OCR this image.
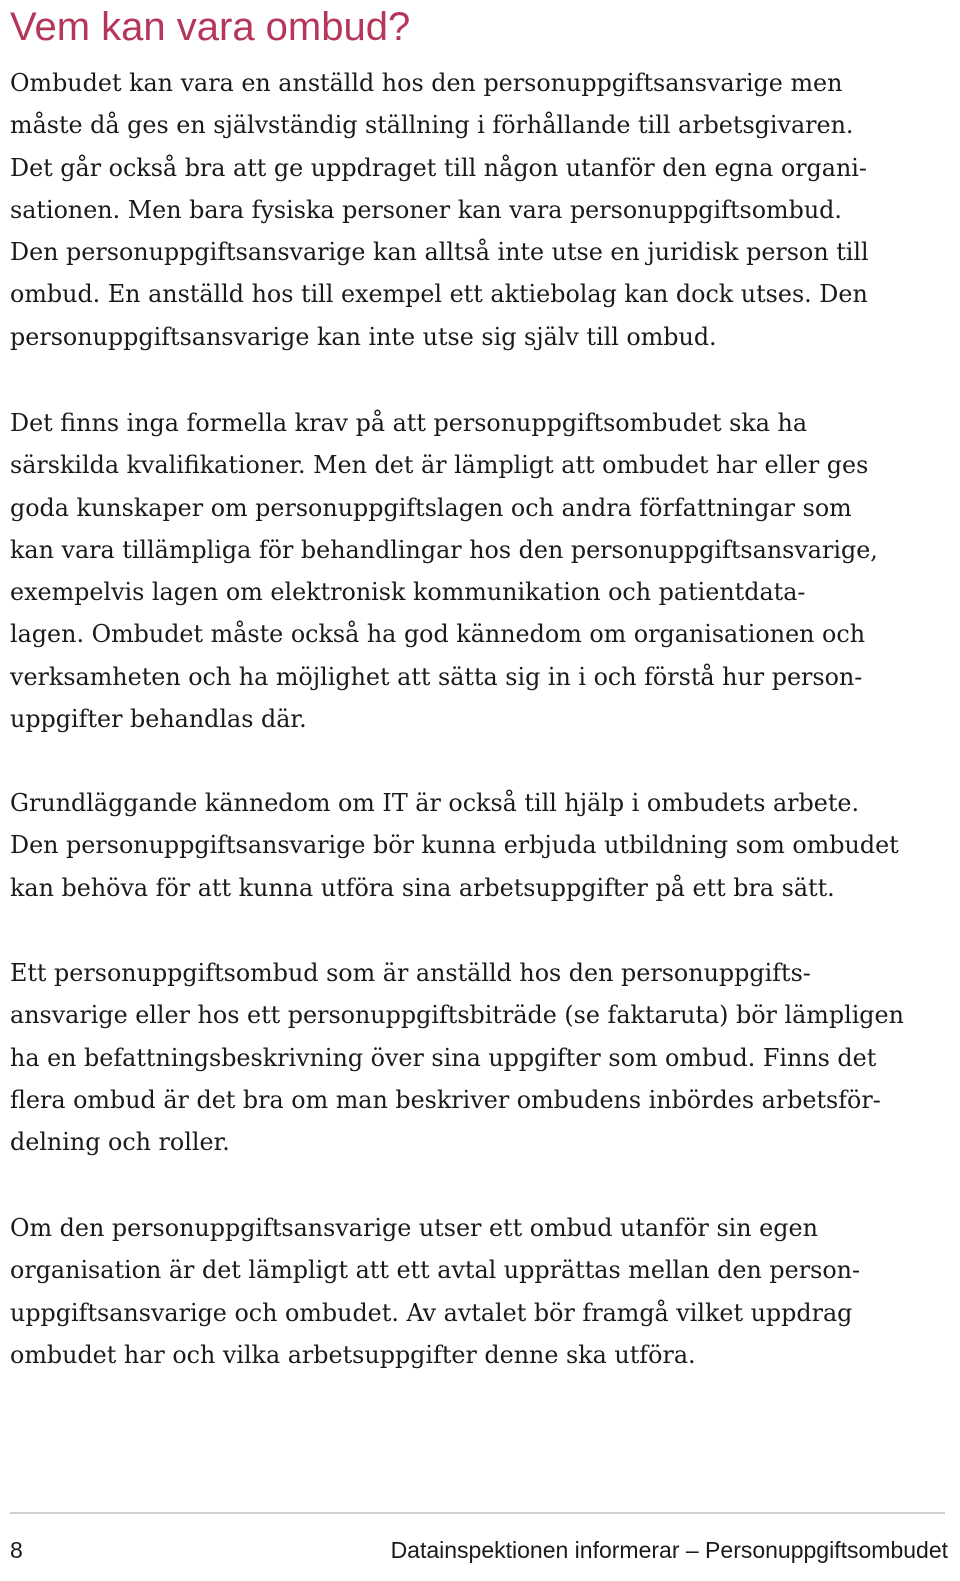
Vem kan vara ombud?

Ombudet kan vara en anställd hos den personuppgiftsansvarige men
måste då ges en självständig ställning i förhållande till arbetsgivaren.
Det går också bra att ge uppdraget till någon utanför den egna organi-
sationen. Men bara fysiska personer kan vara personuppgiftsombud.
Den personuppgiftsansvarige kan alltså inte utse en juridisk person till
ombud. En anställd hos till exempel ett aktiebolag kan dock utses. Den
personuppgiftsansvarige kan inte utse sig själv till ombud.

Det finns inga formella krav på att personuppgiftsombudet ska ha
särskilda kvalifikationer. Men det är lämpligt att ombudet har eller ges
goda kunskaper om personuppgiftslagen och andra författningar som
kan vara tillämpliga för behandlingar hos den personuppgiftsansvarige,
exempelvis lagen om elektronisk kommunikation och patientdata-
lagen. Ombudet måste också ha god kännedom om organisationen och
verksamheten och ha möjlighet att sätta sig in i och förstå hur person-
uppgifter behandlas där.

Grundläggande kännedom om IT är också till hjälp i ombudets arbete.
Den personuppgiftsansvarige bör kunna erbjuda utbildning som ombudet
kan behöva för att kunna utföra sina arbetsuppgifter på ett bra sätt.

Ett personuppgiftsombud som är anställd hos den personuppgifts-
ansvarige eller hos ett personuppgiftsbiträde (se faktaruta) bör lämpligen
ha en befattningsbeskrivning över sina uppgifter som ombud. Finns det
flera ombud är det bra om man beskriver ombudens inbördes arbetsför-
delning och roller.

Om den personuppgiftsansvarige utser ett ombud utanför sin egen
organisation är det lämpligt att ett avtal upprättas mellan den person-
uppgiftsansvarige och ombudet. Av avtalet bör framgå vilket uppdrag
ombudet har och vilka arbetsuppgifter denne ska utföra.

8	Datainspektionen informerar – Personuppgiftsombudet
